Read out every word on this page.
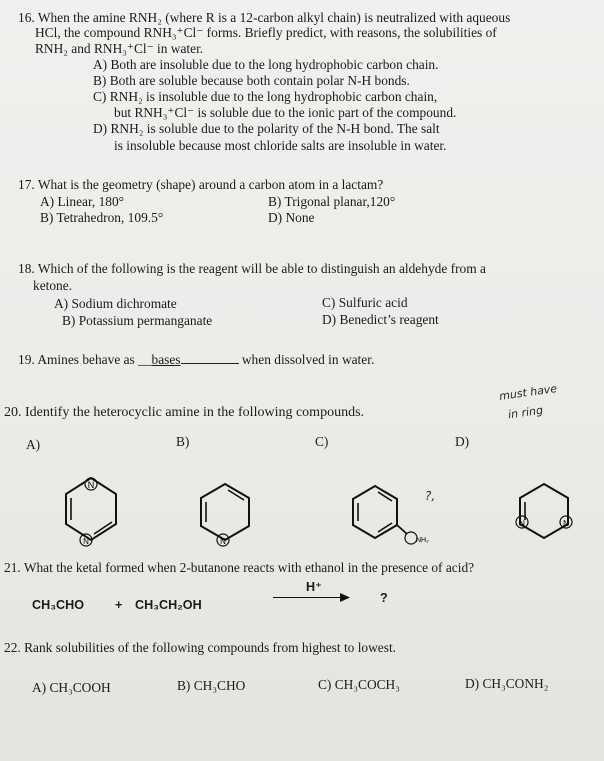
16. When the amine RNH₂ (where R is a 12-carbon alkyl chain) is neutralized with aqueous
HCl, the compound RNH₃⁺Cl⁻ forms. Briefly predict, with reasons, the solubilities of
RNH₂ and RNH₃⁺Cl⁻ in water.
A) Both are insoluble due to the long hydrophobic carbon chain.
B) Both are soluble because both contain polar N-H bonds.
C) RNH₂ is insoluble due to the long hydrophobic carbon chain,
but RNH₃⁺Cl⁻ is soluble due to the ionic part of the compound.
D) RNH₂ is soluble due to the polarity of the N-H bond. The salt
is insoluble because most chloride salts are insoluble in water.
17. What is the geometry (shape) around a carbon atom in a lactam?
A) Linear, 180°	B) Trigonal planar,120°
B) Tetrahedron, 109.5°	D) None
18. Which of the following is the reagent will be able to distinguish an aldehyde from a
ketone.
A) Sodium dichromate
B) Potassium permanganate
C) Sulfuric acid
D) Benedict’s reagent
19. Amines behave as __bases	when dissolved in water.
20. Identify the heterocyclic amine in the following compounds.
must have
in ring
A)	B)	C)	D)
N
N	N	NH₂
?,
N	N
21. What the ketal formed when 2-butanone reacts with ethanol in the presence of acid?
CH₃CHO + CH₃CH₂OH
H⁺
?
22. Rank solubilities of the following compounds from highest to lowest.
A) CH₃COOH	B) CH₃CHO	C) CH₃COCH₃	D) CH₃CONH₂
